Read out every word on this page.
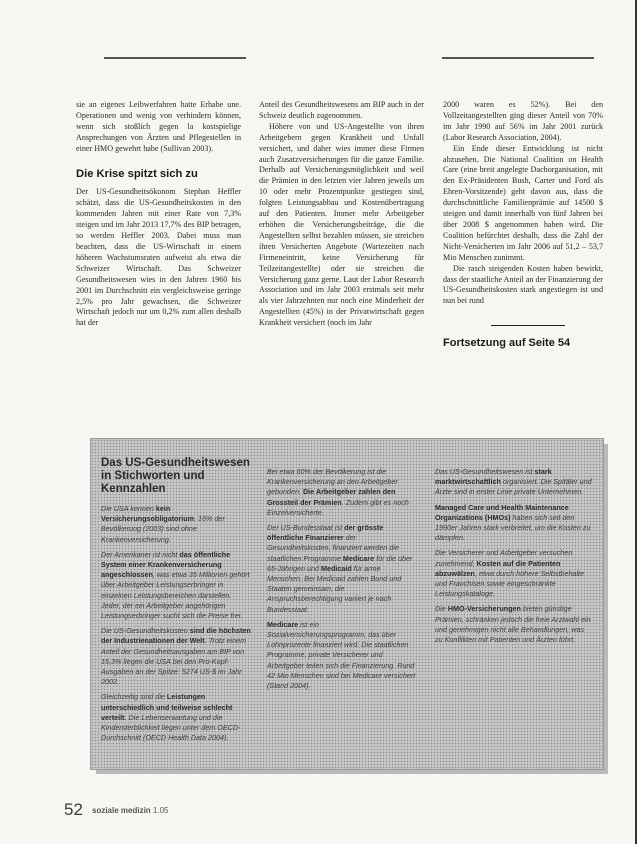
sie an eigenes Leibwerfahren hatte Erhabe une. Operationen und wenig von verhindern können, wenn sich stoßlich gegen la kostspielige Ansprechungen von Ärzten und Pflegestellen in einer HMO gewehrt habe (Sullivan 2003).

Die Krise spitzt sich zu

Der US-Gesundheitsökonom Stephan Heffler schätzt, dass die US-Gesundheitskosten in den kommenden Jahren mit einer Rate von 7,3% steigen und im Jahr 2013 17,7% des BIP betragen, so werden Heffler 2003. Dabei muss man beachten, dass die US-Wirtschaft in einem höheren Wachstumsraten aufweist als etwa die Schweizer Wirtschaft. Das Schweizer Gesundheitswesen wies in den Jahren 1960 bis 2001 im Durchschnitt ein vergleichsweise geringe 2,5% pro Jahr gewachsen, die Schweizer Wirtschaft jedoch nur um 0,2% zum allen deshalb hat der

Anteil des Gesundheitswesens am BIP auch in der Schweiz deutlich zugenommen.

Höhere von und US-Angestellte von ihren Arbeitgebern gegen Krankheit und Unfall versichert, und daher wies immer diese Firmen auch Zusatzversicherungen für die ganze Familie. Derhalb auf Versicherungsmöglichkeit und weil die Prämien in den letzten vier Jahren jeweils um 10 oder mehr Prozentpunkte gestiegen sind, folgten Leistungsabbau und Kostenübertragung auf den Patienten. Immer mehr Arbeitgeber erhöhen die Versicherungsbeiträge, die die Angestellten selbst bezahlen müssen, sie streichen ihren Versicherten Angebote (Wartezeiten nach Firmeneintritt, keine Versicherung für Teilzeitangestellte) oder sie streichen die Versicherung ganz gerne. Laut der Labor Research Association und im Jahr 2003 erstmals seit mehr als vier Jahrzehnten nur noch eine Minderheit der Angestellten (45%) in der Privatwirtschaft gegen Krankheit versichert (noch im Jahr

2000 waren es 52%). Bei den Vollzeitangestellten ging dieser Anteil von 70% im Jahr 1990 auf 56% im Jahr 2001 zurück (Labor Research Association, 2004).

Ein Ende dieser Entwicklung ist nicht abzusehen. Die National Coalition on Health Care (eine breit angelegte Dachorganisation, mit den Ex-Präsidenten Bush, Carter und Ford als Ehren-Vorsitzende) geht davon aus, dass die durchschnittliche Familienprämie auf 14500 $ steigen und damit innerhalb von fünf Jahren bei über 2008 $ angenommen haben wird. Die Coalition befürchtet deshalb, dass die Zahl der Nicht-Versicherten im Jahr 2006 auf 51,2 – 53,7 Mio Menschen zunimmt.

Die rasch steigenden Kosten haben bewirkt, dass der staatliche Anteil an der Finanzierung der US-Gesundheitskosten stark angestiegen ist und nun bei rund

Fortsetzung auf Seite 54
Das US-Gesundheitswesen in Stichworten und Kennzahlen

Die USA kennen kein Versicherungsobligatorium. 16% der Bevölkerung (2003) sind ohne Krankenversicherung.

Der Amerikaner ist nicht das öffentliche System einer Krankenversicherung angeschlossen, was etwa 35 Millionen gehört über Arbeitgeber Leistungserbringer in einzelnen Leistungsbereichen darstellen. Jeder, der ein Arbeitgeber angehörigen Leistungserbringer sucht sich die Preise frei.

Die US-Gesundheitskosten sind die höchsten der Industrienationen der Welt. Trotz einem Anteil der Gesundheitsausgaben am BIP von 15,3% liegen die USA bei den Pro-Kopf-Ausgaben an der Spitze: 5274 US-$ im Jahr 2002.

Gleichzeitig sind die Leistungen unterschiedlich und teilweise schlecht verteilt. Die Lebenserwartung und die Kindersterblichkeit liegen unter dem OECD-Durchschnitt (OECD Health Data 2004).

Bei etwa 60% der Bevölkerung ist die Krankenversicherung an den Arbeitgeber gebunden. Die Arbeitgeber zahlen den Grossteil der Prämien. Zudem gibt es noch Einzelversicherte.

Der US-Bundesstaat ist der grösste öffentliche Finanzierer der Gesundheitskosten, finanziert werden die staatlichen Programme Medicare für die über 65-Jährigen und Medicaid für arme Menschen. Bei Medicaid zahlen Bund und Staaten gemeinsam, die Anspruchsberechtigung variiert je nach Bundesstaat.

Medicare ist ein Sozialversicherungsprogramm, das über Lohnprozente finanziert wird. Die staatlichen Programme, private Versicherer und Arbeitgeber teilen sich die Finanzierung. Rund 42 Mio Menschen sind bei Medicare versichert (Stand 2004).

Das US-Gesundheitswesen ist stark marktwirtschaftlich organisiert. Die Spitäler und Ärzte sind in erster Linie private Unternehmen.

Managed Care und Health Maintenance Organizations (HMOs) haben sich seit den 1990er Jahren stark verbreitet, um die Kosten zu dämpfen.

Die Versicherer und Arbeitgeber versuchen zunehmend, Kosten auf die Patienten abzuwälzen, etwa durch höhere Selbstbehalte und Franchisen sowie eingeschränkte Leistungskataloge.

Die HMO-Versicherungen bieten günstige Prämien, schränken jedoch die freie Arztwahl ein und genehmigen nicht alle Behandlungen, was zu Konflikten mit Patienten und Ärzten führt.

52 soziale medizin 1.05
